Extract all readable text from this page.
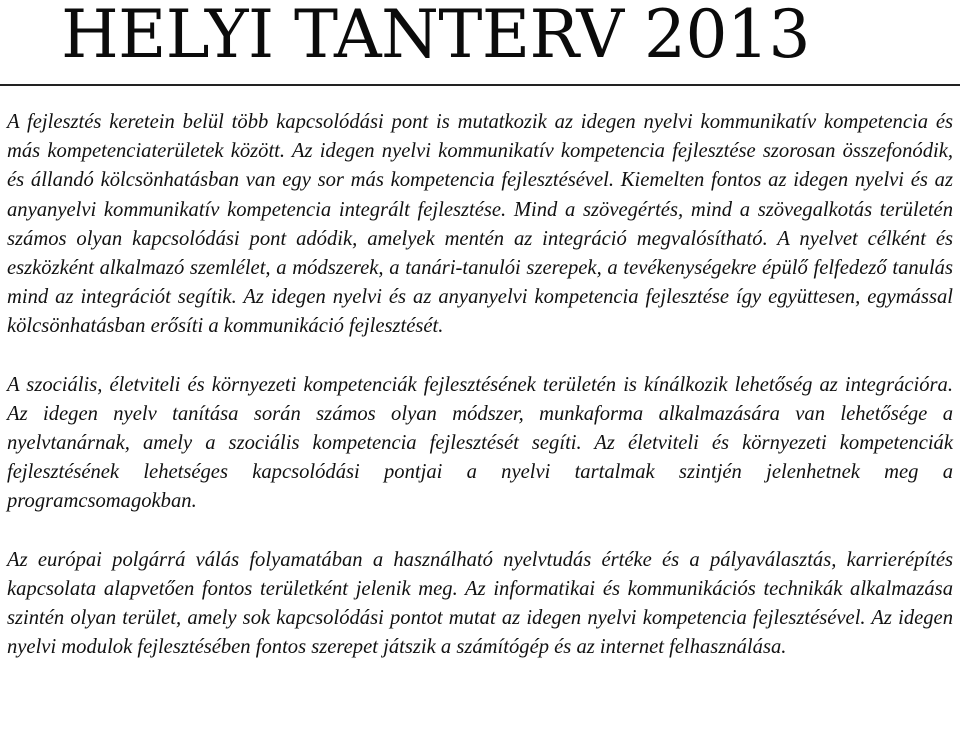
HELYI TANTERV 2013

A fejlesztés keretein belül több kapcsolódási pont is mutatkozik az idegen nyelvi kommunikatív kompetencia és más kompetenciaterületek között. Az idegen nyelvi kommunikatív kompetencia fejlesztése szorosan összefonódik, és állandó kölcsönhatásban van egy sor más kompetencia fejlesztésével. Kiemelten fontos az idegen nyelvi és az anyanyelvi kommunikatív kompetencia integrált fejlesztése. Mind a szövegértés, mind a szövegalkotás területén számos olyan kapcsolódási pont adódik, amelyek mentén az integráció megvalósítható. A nyelvet célként és eszközként alkalmazó szemlélet, a módszerek, a tanári-tanulói szerepek, a tevékenységekre épülő felfedező tanulás mind az integrációt segítik. Az idegen nyelvi és az anyanyelvi kompetencia fejlesztése így együttesen, egymással kölcsönhatásban erősíti a kommunikáció fejlesztését.

A szociális, életviteli és környezeti kompetenciák fejlesztésének területén is kínálkozik lehetőség az integrációra. Az idegen nyelv tanítása során számos olyan módszer, munkaforma alkalmazására van lehetősége a nyelvtanárnak, amely a szociális kompetencia fejlesztését segíti. Az életviteli és környezeti kompetenciák fejlesztésének lehetséges kapcsolódási pontjai a nyelvi tartalmak szintjén jelenhetnek meg a programcsomagokban.

Az európai polgárrá válás folyamatában a használható nyelvtudás értéke és a pályaválasztás, karrierépítés kapcsolata alapvetően fontos területként jelenik meg. Az informatikai és kommunikációs technikák alkalmazása szintén olyan terület, amely sok kapcsolódási pontot mutat az idegen nyelvi kompetencia fejlesztésével. Az idegen nyelvi modulok fejlesztésében fontos szerepet játszik a számítógép és az internet felhasználása.
